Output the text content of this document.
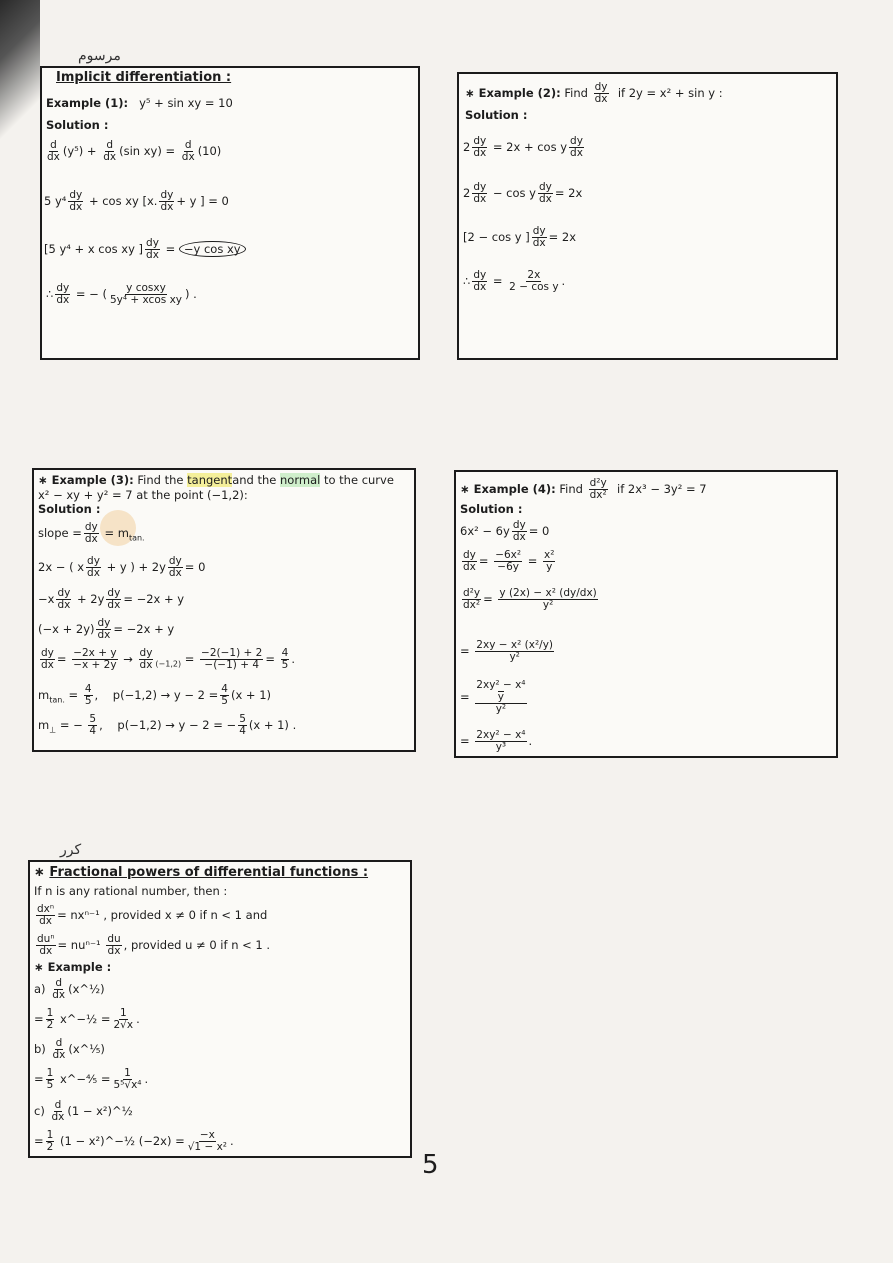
مرسوم
Implicit differentiation :
Example (1): y⁵ + sin xy = 10
Solution :
$\frac{d}{dx} (y^5) + \frac{d}{dx} (\sin$ $xy) = \frac{d}{dx} (10)$
5 $y^4 \frac{dy}{dx} + \cos$ xy [x. $\frac{dy}{dx} + y$ ] = 0
[5 y⁴ + x cos xy ] $\frac{dy}{dx} = -y$ cos xy
∴ $\frac{dy}{dx}$ = − ( $\frac{\text{y cosxy}}{\text{5y⁴ + xcos xy}}$ ) .
∗ Example (2): Find $\frac{dy}{dx}$ if 2y = x² + sin y :
Solution :
$2 \frac{dy}{dx} = 2x + \cos y \frac{dy}{dx}$
$2 \frac{dy}{dx} - \cos y \frac{dy}{dx} = 2x$
[2 − cos y ] $\frac{dy}{dx} = 2x$
∴ $\frac{dy}{dx} = \frac{2x}{\text{2 − cos y}}$ .
∗ Example (3): Find the tangentand the normal to the curve
x² − xy + y² = 7 at the point (−1,2):
Solution :
slope = $\frac{dy}{dx} = m_{tan.}$
2x − ( x $\frac{dy}{dx} + y$ ) + $2y \frac{dy}{dx} = 0$
$-x \frac{dy}{dx} + 2y \frac{dy}{dx} = -2x + y$
$(-x + 2y) \frac{dy}{dx} = -2x + y$
$\frac{dy}{dx} = \frac{-2x + y}{-x + 2y} \to \frac{dy}{dx} _{(-1,2)} = \frac{-2(-1) + 2}{-(-1) + 4} = \frac{4}{5}$ .
$m_{tan.} = \frac{4}{5}$ , $p(-1,2) \to y - 2 = \frac{4}{5} (x + 1)$
$m_\perp$ = − $\frac{5}{4}$ , p(−1,2) → y − 2 = − $\frac{5}{4} (x + 1)$ .
∗ Example (4): Find $\frac{\text{d²y}}{\text{dx²}}$ if 2x³ − 3y² = 7
Solution :
$6x^2 - 6y \frac{dy}{dx} = 0$
$\frac{dy}{dx} = \frac{\text{−6x²}}{-6y} = \frac{\text{x²}}{y}$
$\frac{\text{d²y}}{\text{dx²}} = \frac{\text{y (2x) − x² (dy/dx)}}{\text{y²}}$
= $\frac{\text{2xy − x² (x²/y)}}{\text{y²}}$
= 2xy² − x⁴
y
y²
= $\frac{\text{2xy² − x⁴}}{\text{y³}}$ .
كرر
∗ Fractional powers of differential functions :
If n is any rational number, then :
$\frac{\text{dxⁿ}}{dx} = nx^{n-1}$ , provided x ≠ 0 if n < 1 and
$\frac{\text{duⁿ}}{dx} = nu^{n-1} \frac{du}{dx}$ , provided u ≠ 0 if n < 1 .
∗ Example :
$a) \frac{d}{dx}$ (x^½)
= $\frac{1}{2}$ x^−½ = $\frac{1}{2√x}$ .
$b) \frac{d}{dx}$ (x^⅕)
= $\frac{1}{5}$ x^−⅘ = $\frac{1}{\text{5⁵√x⁴}}$ .
$c) \frac{d}{dx} (1$ − x²)^½
= $\frac{1}{2} (1$ − x²)^−½ $(-2x) = \frac{-x}{\text{√1 − x²}}$ .
5
